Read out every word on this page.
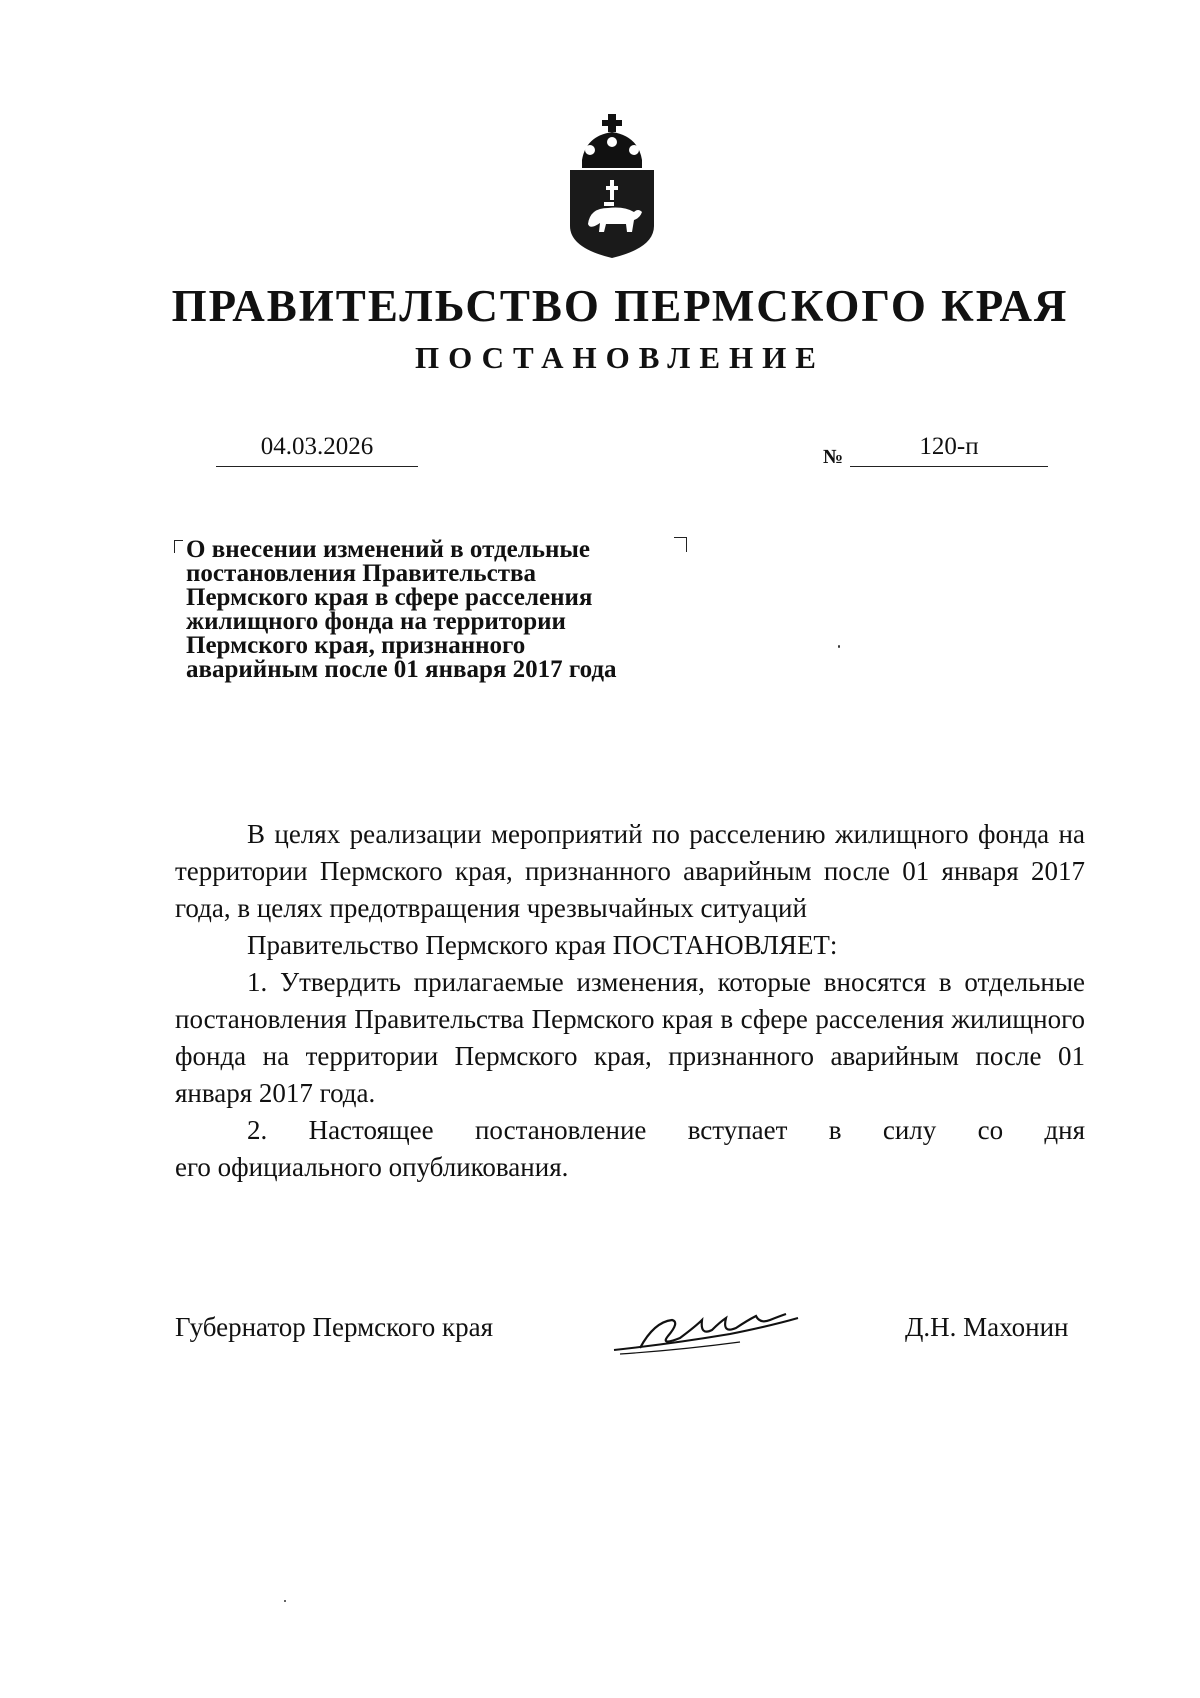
ПРАВИТЕЛЬСТВО ПЕРМСКОГО КРАЯ
ПОСТАНОВЛЕНИЕ
04.03.2026	№	120-п
О внесении изменений в отдельные
постановления Правительства
Пермского края в сфере расселения
жилищного фонда на территории
Пермского края, признанного
аварийным после 01 января 2017 года

В целях реализации мероприятий по расселению жилищного фонда на территории Пермского края, признанного аварийным после 01 января 2017 года, в целях предотвращения чрезвычайных ситуаций

Правительство Пермского края ПОСТАНОВЛЯЕТ:

1. Утвердить прилагаемые изменения, которые вносятся в отдельные постановления Правительства Пермского края в сфере расселения жилищного фонда на территории Пермского края, признанного аварийным после 01 января 2017 года.

2. Настоящее постановление вступает в силу со дня

его официального опубликования.

Губернатор Пермского края	Д.Н. Махонин
